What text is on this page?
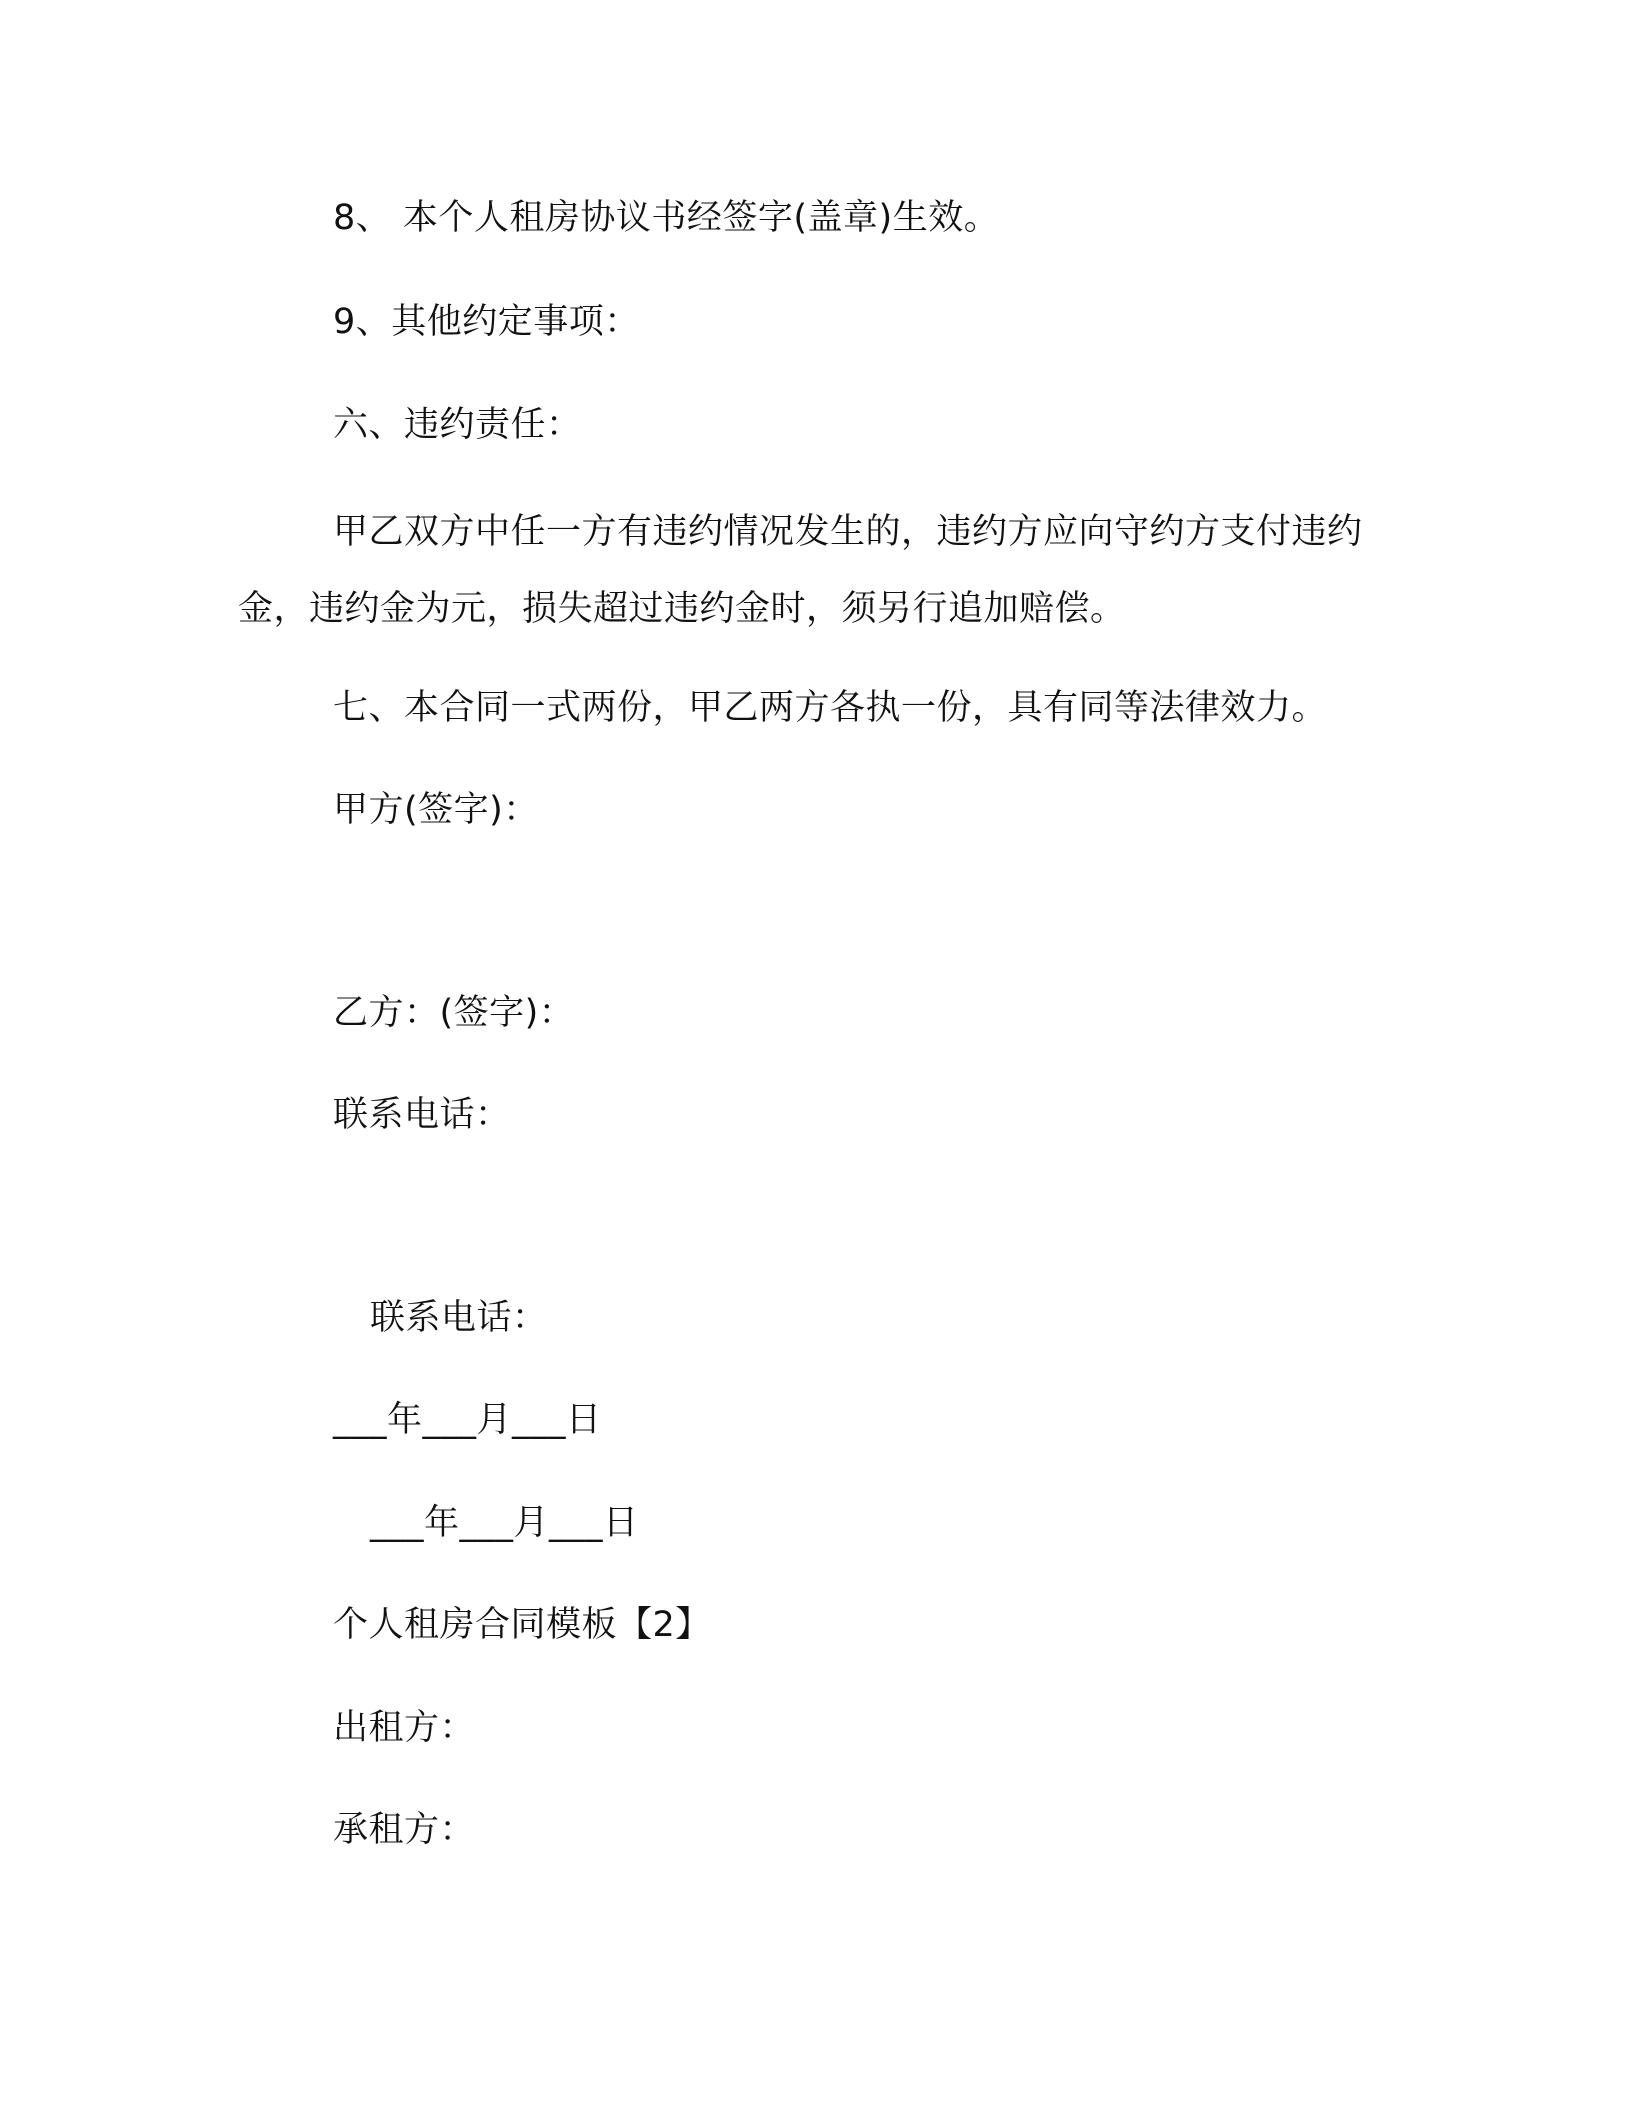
8、 本个人租房协议书经签字(盖章)生效。
9、其他约定事项：
六、违约责任：
甲乙双方中任一方有违约情况发生的，违约方应向守约方支付违约金，违约金为元，损失超过违约金时，须另行追加赔偿。
七、本合同一式两份，甲乙两方各执一份，具有同等法律效力。
甲方(签字)：
乙方：(签字)：
联系电话：
联系电话：
___年___月___日
___年___月___日
个人租房合同模板【2】
出租方：
承租方：
